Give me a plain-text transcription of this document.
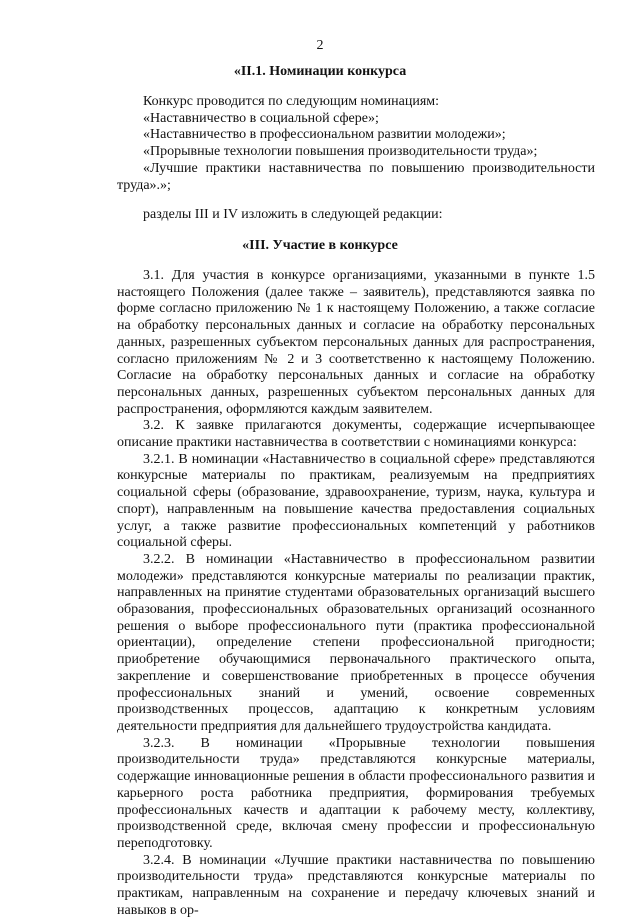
2
«II.1. Номинации конкурса

Конкурс проводится по следующим номинациям:

«Наставничество в социальной сфере»;

«Наставничество в профессиональном развитии молодежи»;

«Прорывные технологии повышения производительности труда»;

«Лучшие практики наставничества по повышению производительности труда».»;

разделы III и IV изложить в следующей редакции:

«III. Участие в конкурсе

3.1. Для участия в конкурсе организациями, указанными в пункте 1.5 настоящего Положения (далее также – заявитель), представляются заявка по форме согласно приложению № 1 к настоящему Положению, а также согласие на обработку персональных данных и согласие на обработку персональных данных, разрешенных субъектом персональных данных для распространения, согласно приложениям № 2 и 3 соответственно к настоящему Положению. Согласие на обработку персональных данных и согласие на обработку персональных данных, разрешенных субъектом персональных данных для распространения, оформляются каждым заявителем.

3.2. К заявке прилагаются документы, содержащие исчерпывающее описание практики наставничества в соответствии с номинациями конкурса:

3.2.1. В номинации «Наставничество в социальной сфере» представляются конкурсные материалы по практикам, реализуемым на предприятиях социальной сферы (образование, здравоохранение, туризм, наука, культура и спорт), направленным на повышение качества предоставления социальных услуг, а также развитие профессиональных компетенций у работников социальной сферы.

3.2.2. В номинации «Наставничество в профессиональном развитии молодежи» представляются конкурсные материалы по реализации практик, направленных на принятие студентами образовательных организаций высшего образования, профессиональных образовательных организаций осознанного решения о выборе профессионального пути (практика профессиональной ориентации), определение степени профессиональной пригодности; приобретение обучающимися первоначального практического опыта, закрепление и совершенствование приобретенных в процессе обучения профессиональных знаний и умений, освоение современных производственных процессов, адаптацию к конкретным условиям деятельности предприятия для дальнейшего трудоустройства кандидата.

3.2.3. В номинации «Прорывные технологии повышения производительности труда» представляются конкурсные материалы, содержащие инновационные решения в области профессионального развития и карьерного роста работника предприятия, формирования требуемых профессиональных качеств и адаптации к рабочему месту, коллективу, производственной среде, включая смену профессии и профессиональную переподготовку.

3.2.4. В номинации «Лучшие практики наставничества по повышению производительности труда» представляются конкурсные материалы по практикам, направленным на сохранение и передачу ключевых знаний и навыков в ор-
